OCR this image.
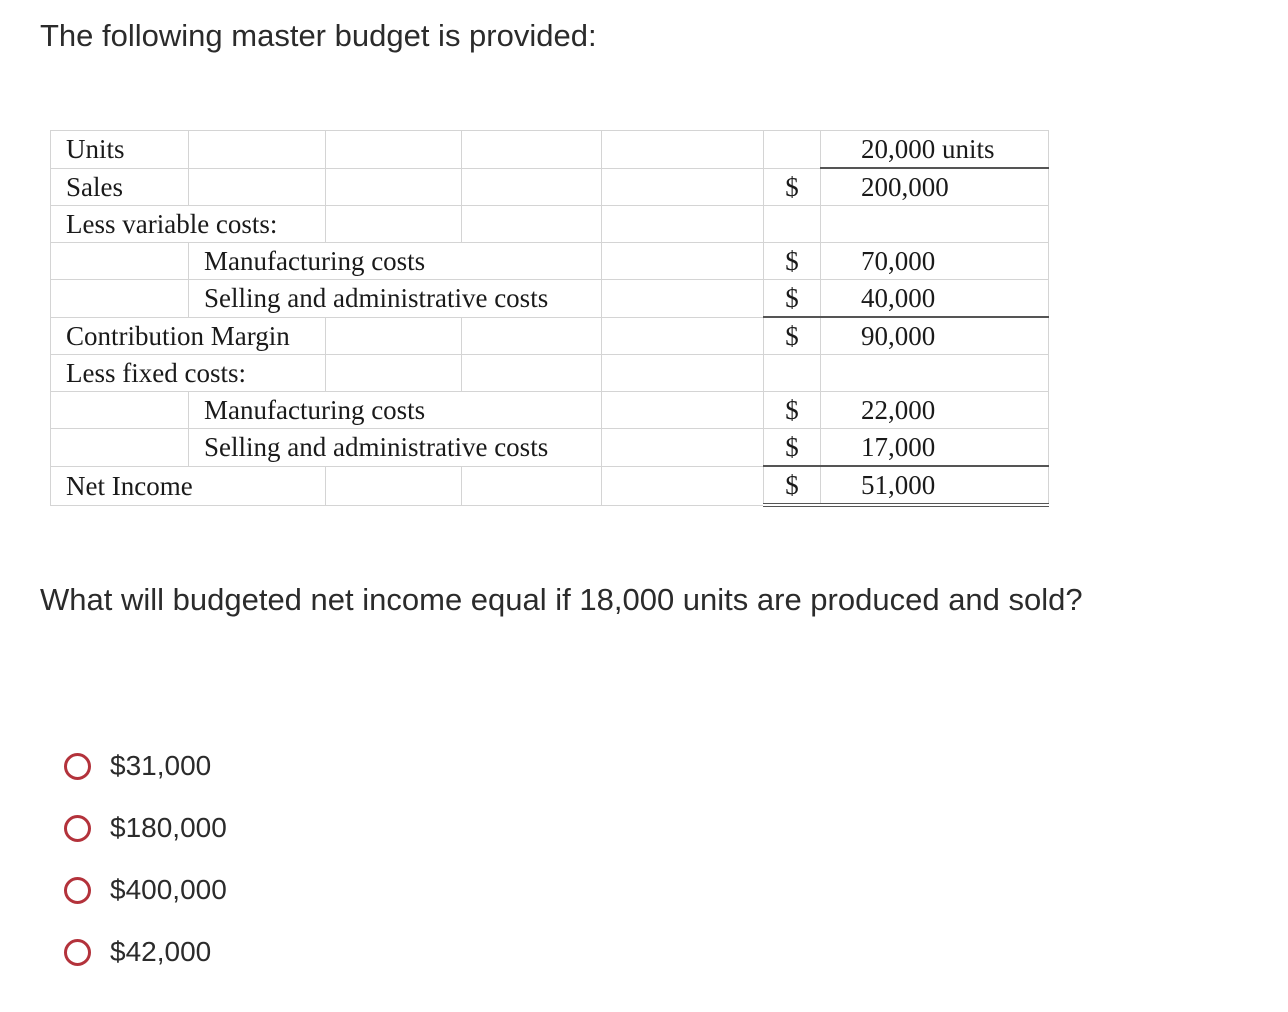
The following master budget is provided:
Units						20,000 units
Sales					$	200,000
Less variable costs:						
	Manufacturing costs				$	70,000
	Selling and administrative costs				$	40,000
Contribution Margin					$	90,000
Less fixed costs:						
	Manufacturing costs				$	22,000
	Selling and administrative costs				$	17,000
Net Income					$	51,000
What will budgeted net income equal if 18,000 units are produced and sold?
$31,000
$180,000
$400,000
$42,000
